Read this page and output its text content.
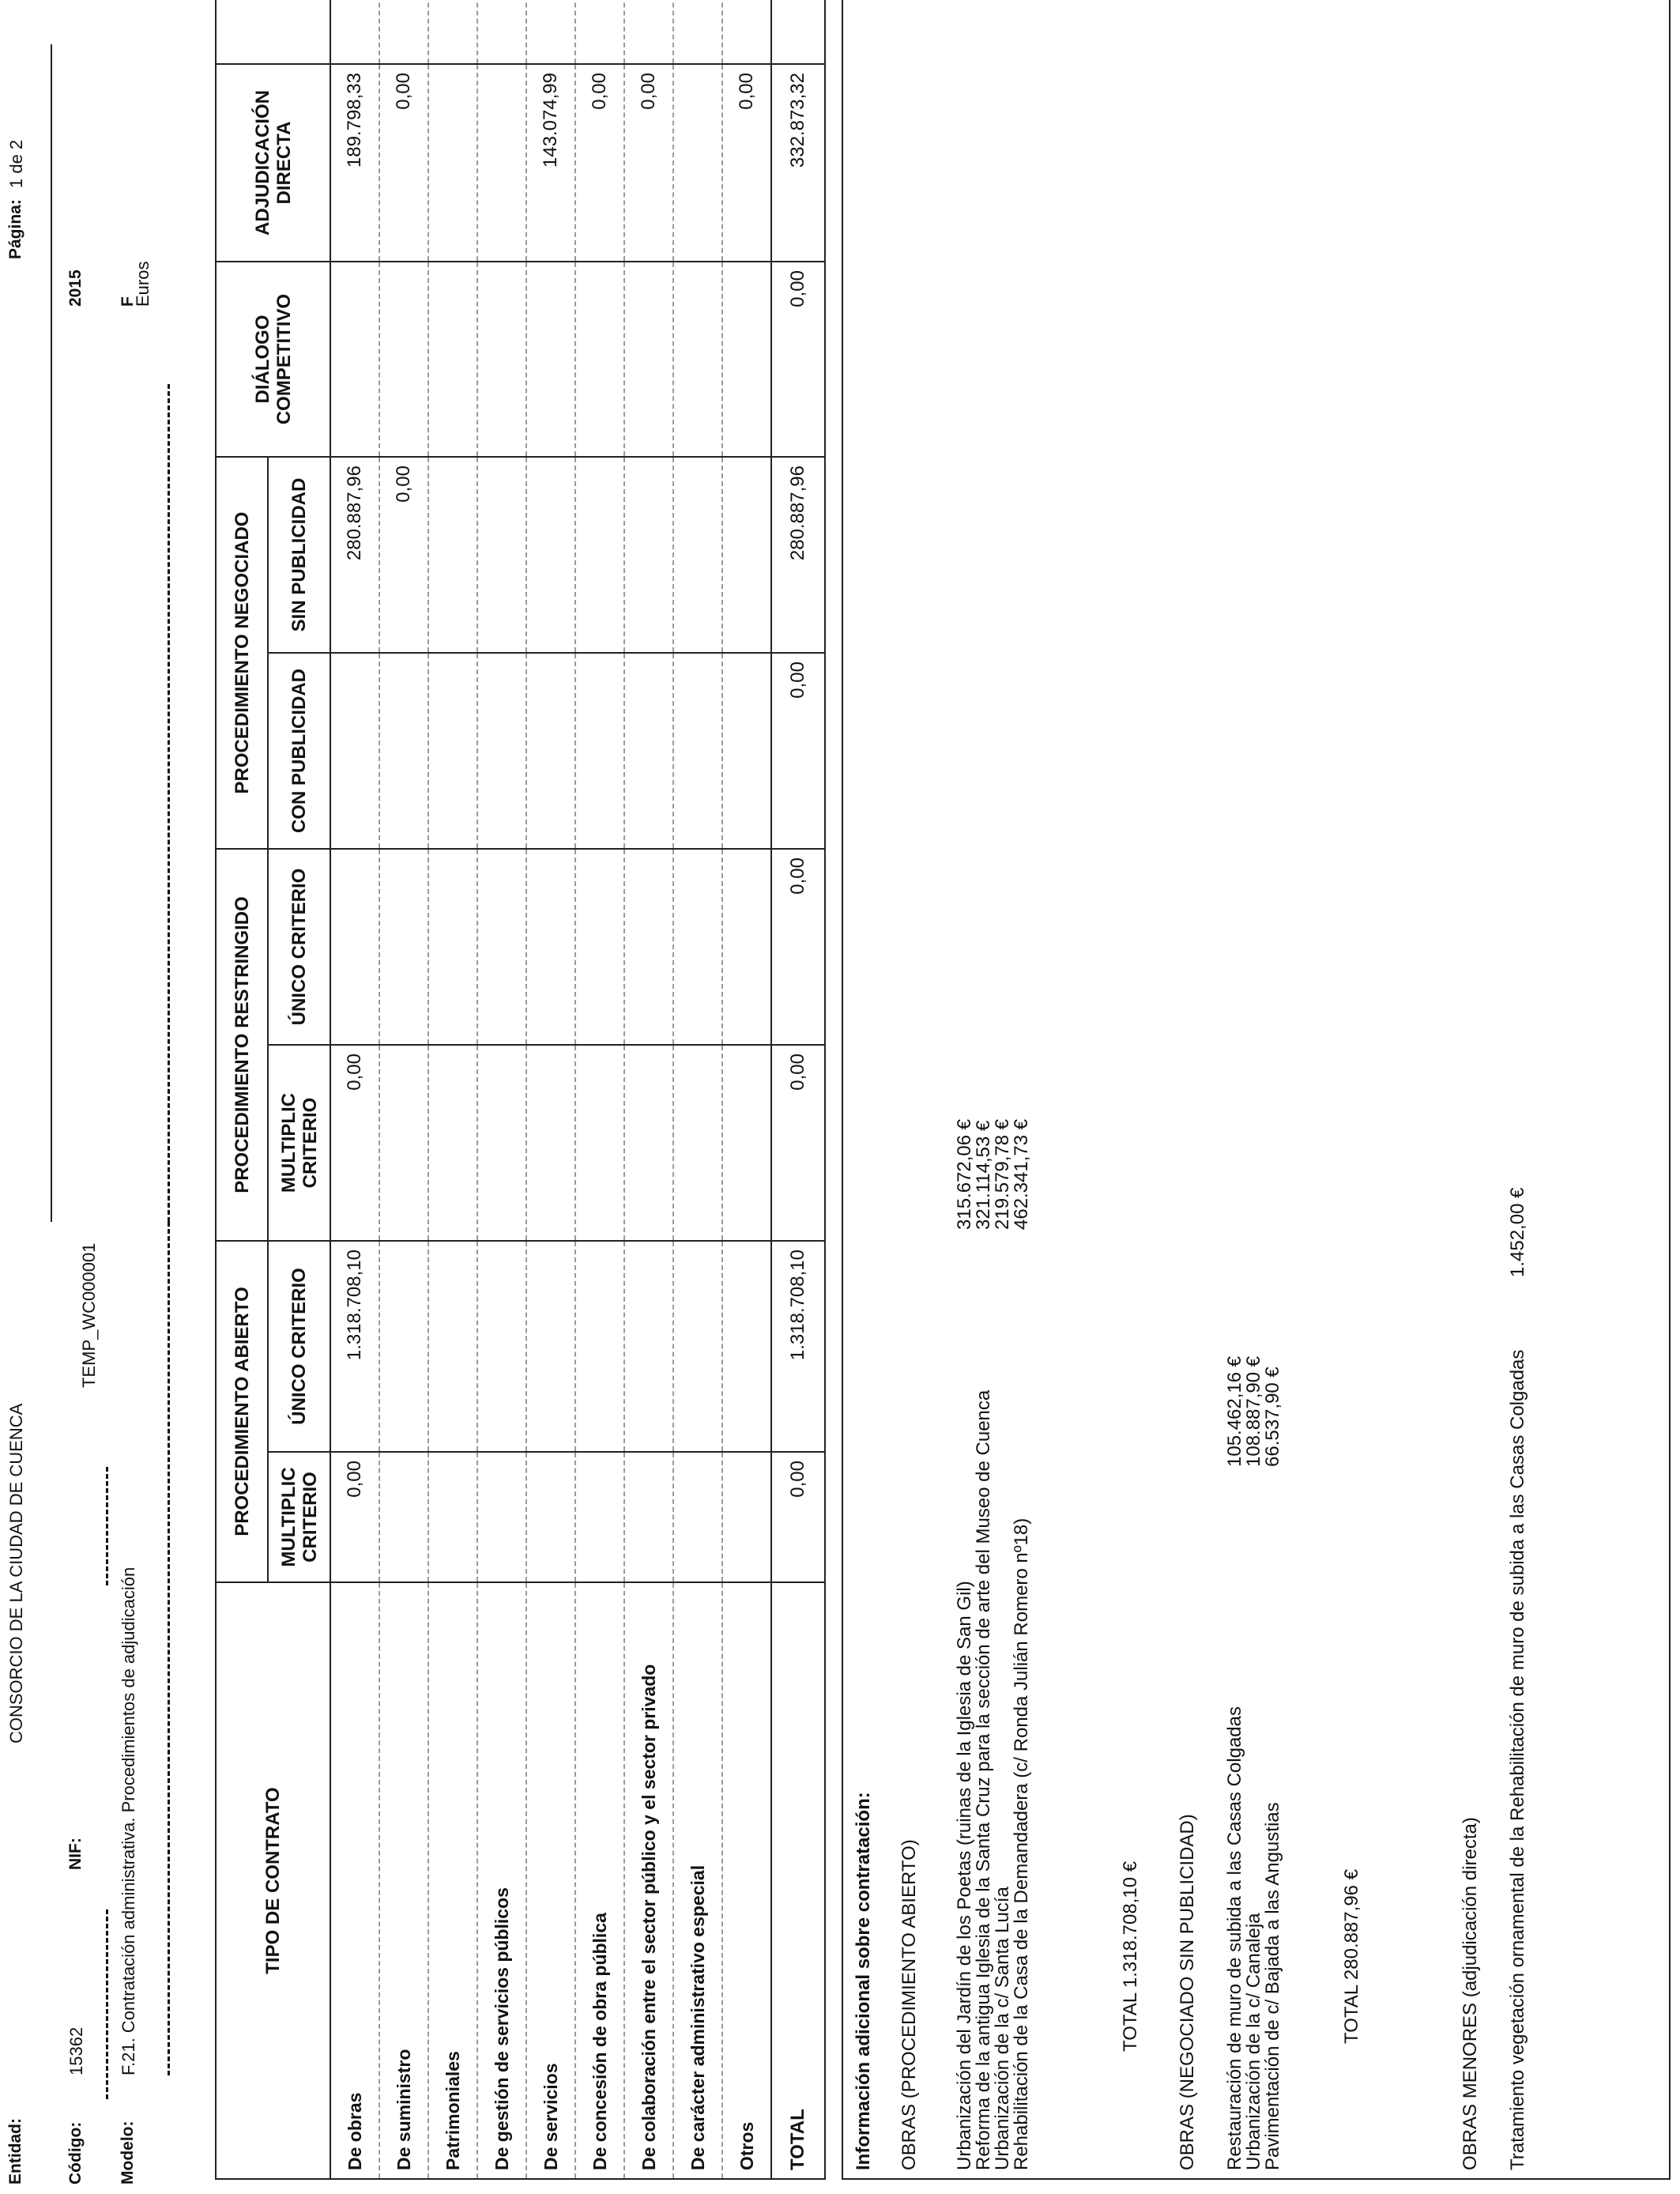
Entidad:
CONSORCIO DE LA CIUDAD DE CUENCA
Página:
1 de 2
Código:
15362
NIF:
TEMP_WC000001
2015
Modelo:
F.21. Contratación administrativa. Procedimientos de adjudicación
F
Euros
TIPO DE CONTRATO	PROCEDIMIENTO ABIERTO		PROCEDIMIENTO RESTRINGIDO		PROCEDIMIENTO NEGOCIADO		DIÁLOGO COMPETITIVO	ADJUDICACIÓN DIRECTA	
	MULTIPLIC CRITERIO	ÚNICO CRITERIO	MULTIPLIC CRITERIO	ÚNICO CRITERIO	CON PUBLICIDAD	SIN PUBLICIDAD			
De obras	0,00	1.318.708,10	0,00			280.887,96		189.798,33	
De suministro						0,00		0,00	
Patrimoniales									
De gestión de servicios públicos									
De servicios								143.074,99	
De concesión de obra pública								0,00	
De colaboración entre el sector público y el sector privado								0,00	
De carácter administrativo especial									
Otros								0,00	
TOTAL	0,00	1.318.708,10	0,00	0,00	0,00	280.887,96	0,00	332.873,32	
Información adicional sobre contratación: OBRAS (PROCEDIMIENTO ABIERTO) Urbanización del Jardín de los Poetas (ruinas de la Iglesia de San Gil)
315.672,06 €
Reforma de la antigua Iglesia de la Santa Cruz para la sección de arte del Museo de Cuenca
321.114,53 €
Urbanización de la c/ Santa Lucía
219.579,78 €
Rehabilitación de la Casa de la Demandadera (c/ Ronda Julián Romero nº18)
462.341,73 €
TOTAL 1.318.708,10 € OBRAS (NEGOCIADO SIN PUBLICIDAD) Restauración de muro de subida a las Casas Colgadas
105.462,16 €
Urbanización de la c/ Canaleja
108.887,90 €
Pavimentación de c/ Bajada a las Angustias
66.537,90 €
TOTAL 280.887,96 €	OBRAS MENORES (adjudicación directa) Tratamiento vegetación ornamental de la Rehabilitación de muro de subida a las Casas Colgadas
1.452,00 €
